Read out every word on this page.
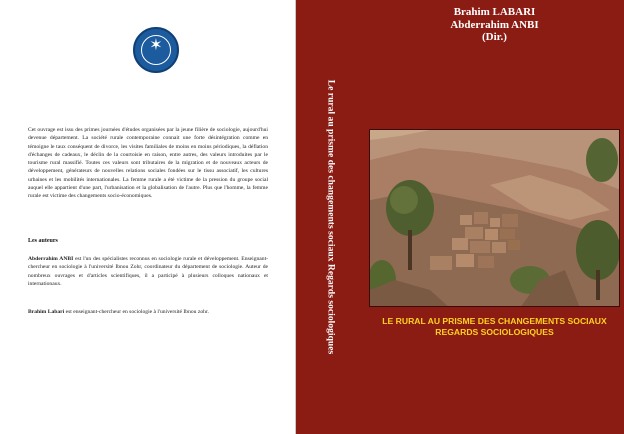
✶

Cet ouvrage est issu des primes journées d'études organisées par la jeune filière de sociologie, aujourd'hui devenue département. La société rurale contemporaine connait une forte désintégration comme en témoigne le taux conséquent de divorce, les visites familiales de moins en moins périodiques, la déflation d'échanges de cadeaux, le déclin de la courtoisie en raison, entre autres, des valeurs introduites par le tourisme rural massifié. Toutes ces valeurs sont tributaires de la migration et de nouveaux acteurs de développement, générateurs de nouvelles relations sociales fondées sur le tissu associatif, les cultures urbaines et les mobilités internationales. La femme rurale a été victime de la pression du groupe social auquel elle appartient d'une part, l'urbanisation et la globalisation de l'autre. Plus que l'homme, la femme rurale est victime des changements socio-économiques.

Les auteurs

Abderrahim ANBI est l'un des spécialistes reconnus en sociologie rurale et développement. Enseignant-chercheur en sociologie à l'université Ibnou Zohr, coordinateur du département de sociologie. Auteur de nombreux ouvrages et d'articles scientifiques, il a participé à plusieurs colloques nationaux et internationaux.

Brahim Labari est enseignant-chercheur en sociologie à l'université Ibnou zohr.	Le rural au prisme des changements sociaux Regards sociologiques
Brahim LABARI
Abderrahim ANBI
(Dir.)
LE RURAL AU PRISME DES CHANGEMENTS SOCIAUX
REGARDS SOCIOLOGIQUES
